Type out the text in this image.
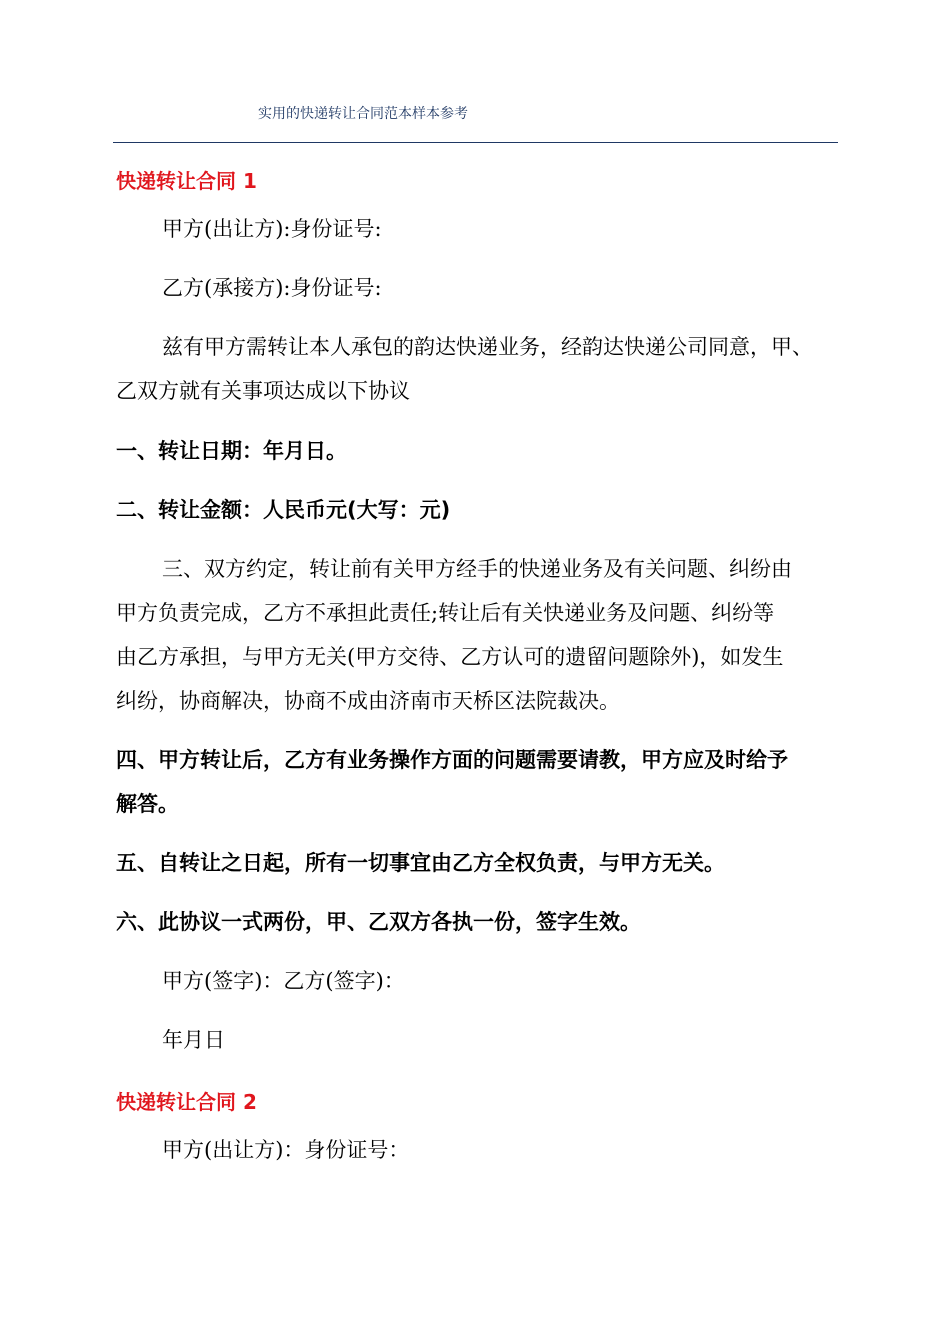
实用的快递转让合同范本样本参考
快递转让合同 1
甲方(出让方):身份证号:
乙方(承接方):身份证号:
兹有甲方需转让本人承包的韵达快递业务，经韵达快递公司同意，甲、
乙双方就有关事项达成以下协议
一、转让日期：年月日。
二、转让金额：人民币元(大写：元)
三、双方约定，转让前有关甲方经手的快递业务及有关问题、纠纷由
甲方负责完成，乙方不承担此责任;转让后有关快递业务及问题、纠纷等
由乙方承担，与甲方无关(甲方交待、乙方认可的遗留问题除外)，如发生
纠纷，协商解决，协商不成由济南市天桥区法院裁决。
四、甲方转让后，乙方有业务操作方面的问题需要请教，甲方应及时给予
解答。
五、自转让之日起，所有一切事宜由乙方全权负责，与甲方无关。
六、此协议一式两份，甲、乙双方各执一份，签字生效。
甲方(签字)：乙方(签字)：
年月日
快递转让合同 2
甲方(出让方)：身份证号：
